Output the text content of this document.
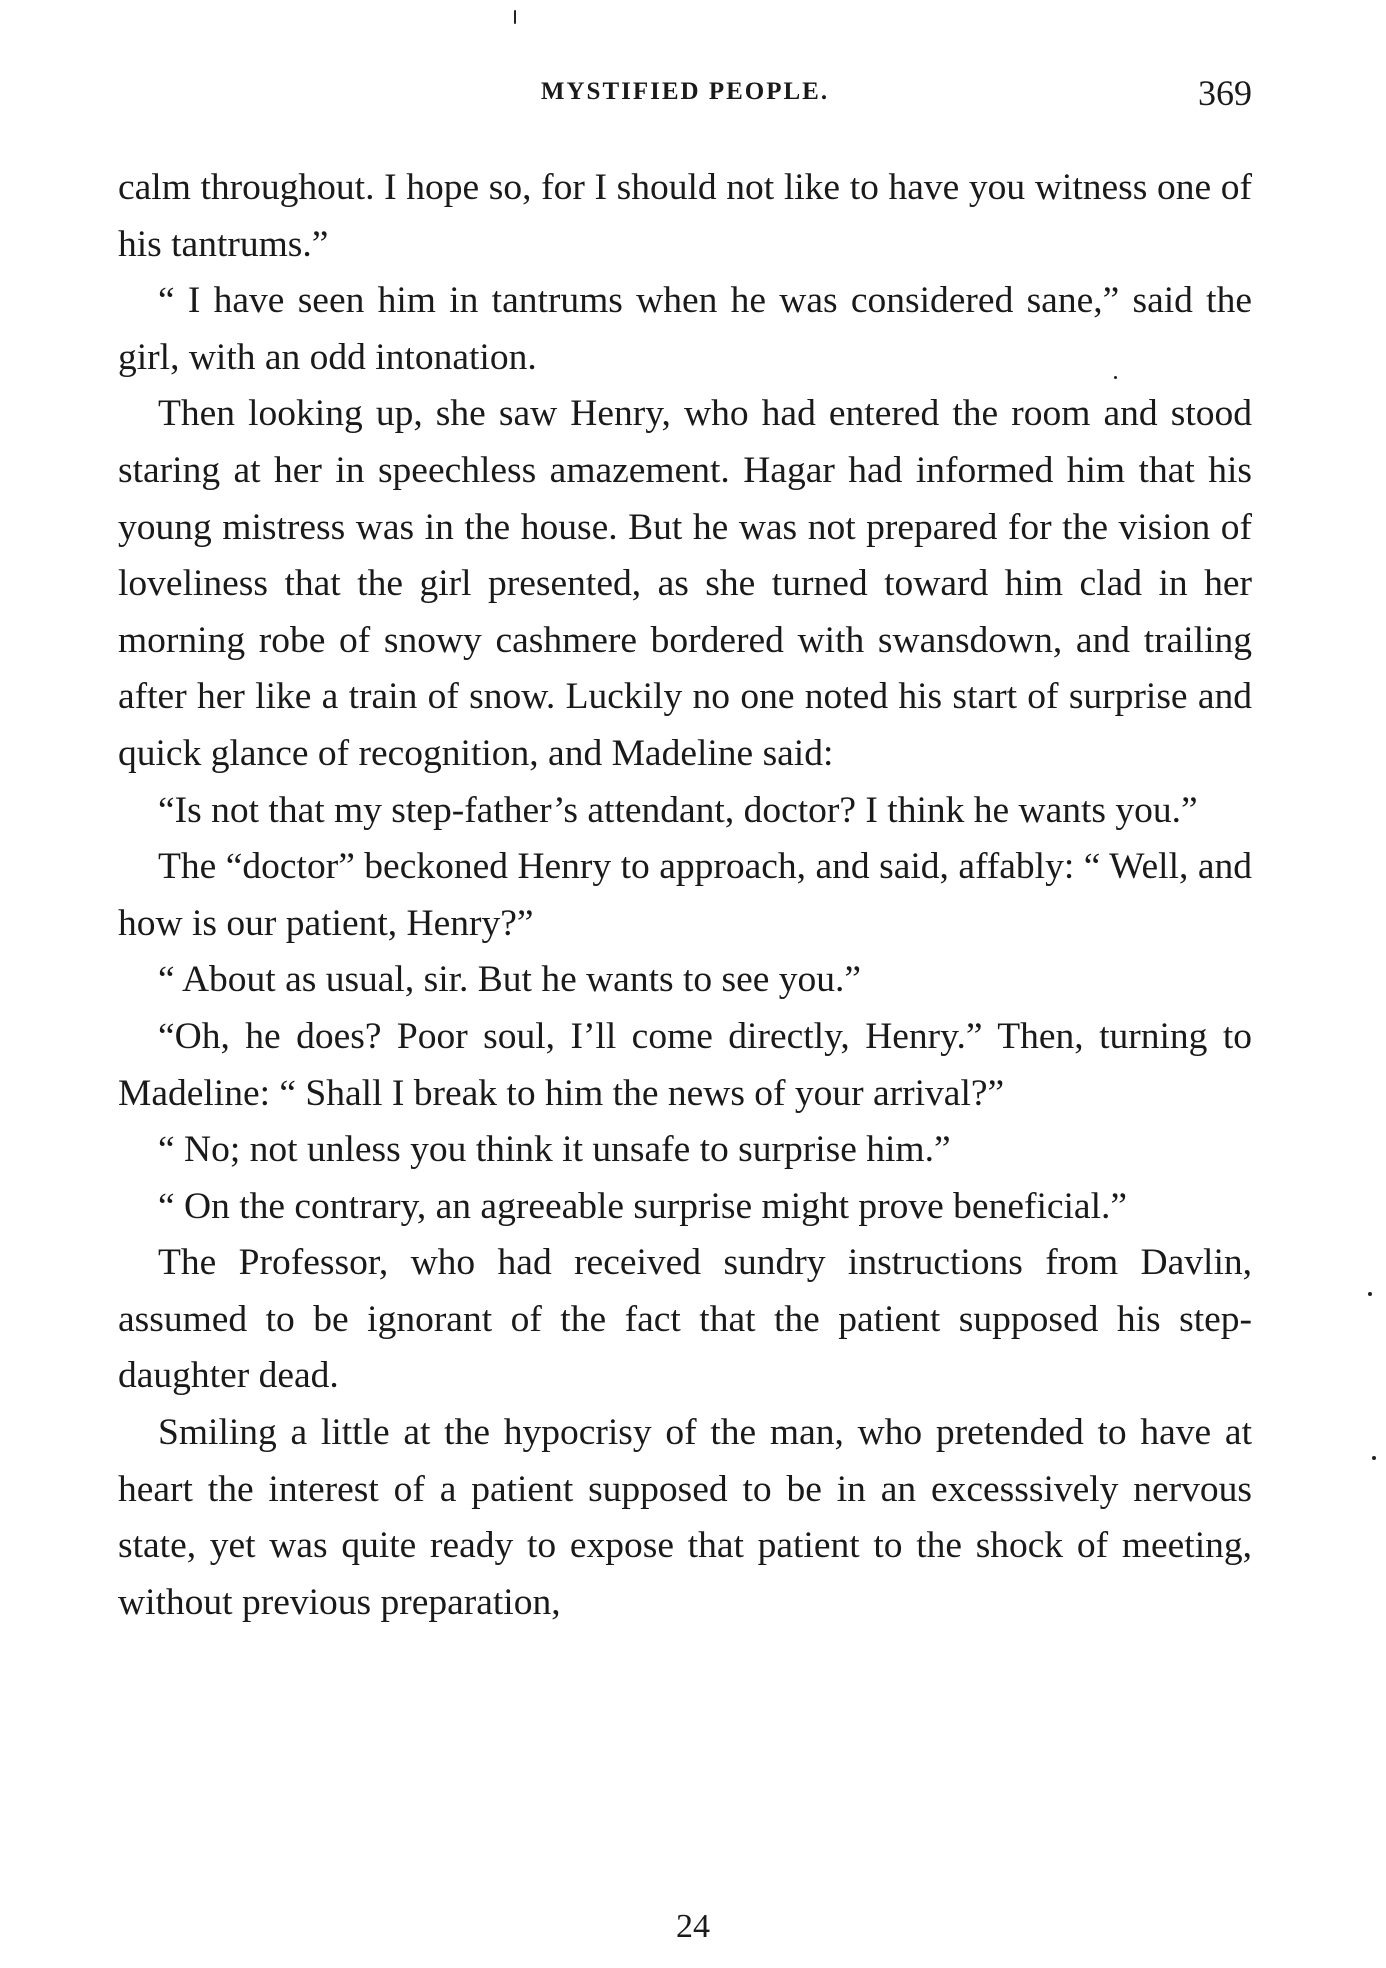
MYSTIFIED PEOPLE.	369

calm throughout. I hope so, for I should not like to have you witness one of his tantrums.”

“ I have seen him in tantrums when he was considered sane,” said the girl, with an odd intonation.

Then looking up, she saw Henry, who had entered the room and stood staring at her in speechless amazement. Hagar had informed him that his young mistress was in the house. But he was not prepared for the vision of loveliness that the girl presented, as she turned toward him clad in her morning robe of snowy cashmere bordered with swansdown, and trailing after her like a train of snow. Luckily no one noted his start of surprise and quick glance of recognition, and Madeline said:

“Is not that my step-father’s attendant, doctor? I think he wants you.”

The “doctor” beckoned Henry to approach, and said, affably: “ Well, and how is our patient, Henry?”

“ About as usual, sir. But he wants to see you.”

“Oh, he does? Poor soul, I’ll come directly, Henry.” Then, turning to Madeline: “ Shall I break to him the news of your arrival?”

“ No; not unless you think it unsafe to surprise him.”

“ On the contrary, an agreeable surprise might prove beneficial.”

The Professor, who had received sundry instructions from Davlin, assumed to be ignorant of the fact that the patient supposed his step-daughter dead.

Smiling a little at the hypocrisy of the man, who pretended to have at heart the interest of a patient supposed to be in an excesssively nervous state, yet was quite ready to expose that patient to the shock of meeting, without previous preparation,

24
